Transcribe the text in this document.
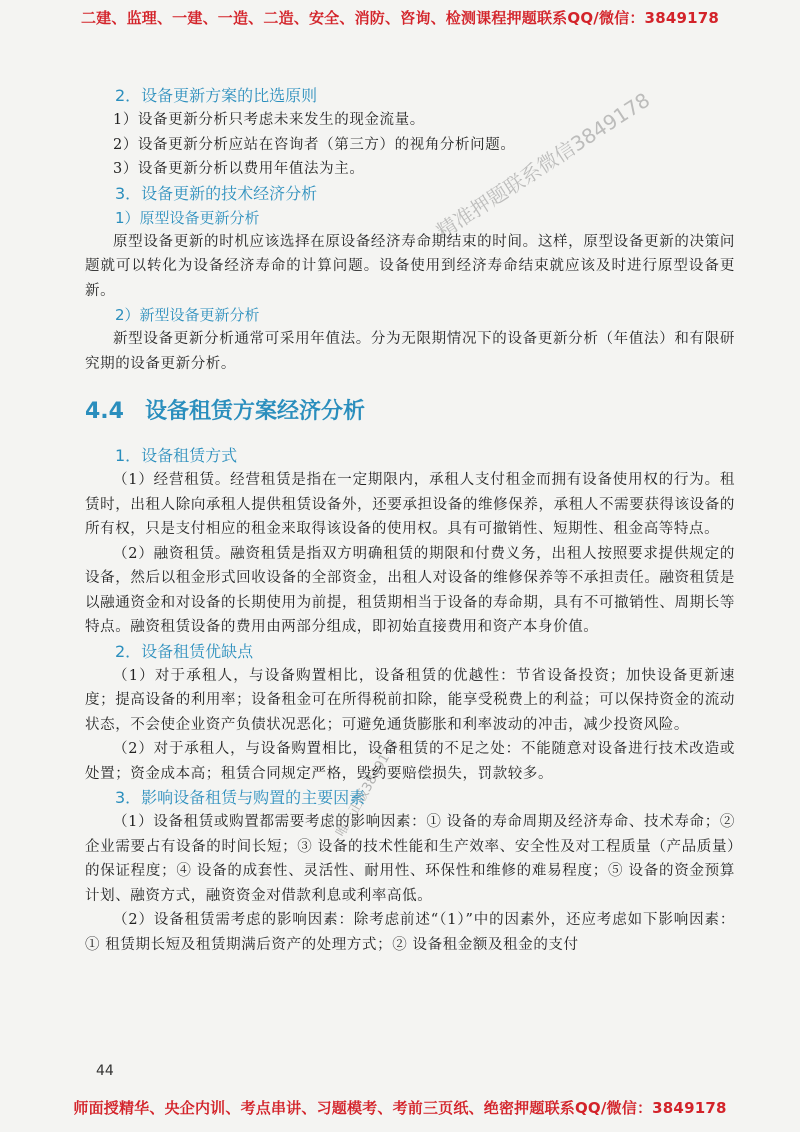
二建、监理、一建、一造、二造、安全、消防、咨询、检测课程押题联系QQ/微信：3849178
精准押题联系微信3849178
唯一正版3849178

2．设备更新方案的比选原则

1）设备更新分析只考虑未来发生的现金流量。

2）设备更新分析应站在咨询者（第三方）的视角分析问题。

3）设备更新分析以费用年值法为主。

3．设备更新的技术经济分析

1）原型设备更新分析

原型设备更新的时机应该选择在原设备经济寿命期结束的时间。这样，原型设备更新的决策问题就可以转化为设备经济寿命的计算问题。设备使用到经济寿命结束就应该及时进行原型设备更新。

2）新型设备更新分析

新型设备更新分析通常可采用年值法。分为无限期情况下的设备更新分析（年值法）和有限研究期的设备更新分析。

4.4 设备租赁方案经济分析

1．设备租赁方式

（1）经营租赁。经营租赁是指在一定期限内，承租人支付租金而拥有设备使用权的行为。租赁时，出租人除向承租人提供租赁设备外，还要承担设备的维修保养，承租人不需要获得该设备的所有权，只是支付相应的租金来取得该设备的使用权。具有可撤销性、短期性、租金高等特点。

（2）融资租赁。融资租赁是指双方明确租赁的期限和付费义务，出租人按照要求提供规定的设备，然后以租金形式回收设备的全部资金，出租人对设备的维修保养等不承担责任。融资租赁是以融通资金和对设备的长期使用为前提，租赁期相当于设备的寿命期，具有不可撤销性、周期长等特点。融资租赁设备的费用由两部分组成，即初始直接费用和资产本身价值。

2．设备租赁优缺点

（1）对于承租人，与设备购置相比，设备租赁的优越性：节省设备投资；加快设备更新速度；提高设备的利用率；设备租金可在所得税前扣除，能享受税费上的利益；可以保持资金的流动状态，不会使企业资产负债状况恶化；可避免通货膨胀和利率波动的冲击，减少投资风险。

（2）对于承租人，与设备购置相比，设备租赁的不足之处：不能随意对设备进行技术改造或处置；资金成本高；租赁合同规定严格，毁约要赔偿损失，罚款较多。

3．影响设备租赁与购置的主要因素

（1）设备租赁或购置都需要考虑的影响因素：① 设备的寿命周期及经济寿命、技术寿命；② 企业需要占有设备的时间长短；③ 设备的技术性能和生产效率、安全性及对工程质量（产品质量）的保证程度；④ 设备的成套性、灵活性、耐用性、环保性和维修的难易程度；⑤ 设备的资金预算计划、融资方式，融资资金对借款利息或利率高低。

（2）设备租赁需考虑的影响因素：除考虑前述“（1）”中的因素外，还应考虑如下影响因素：① 租赁期长短及租赁期满后资产的处理方式；② 设备租金额及租金的支付

44
师面授精华、央企内训、考点串讲、习题模考、考前三页纸、绝密押题联系QQ/微信：3849178
